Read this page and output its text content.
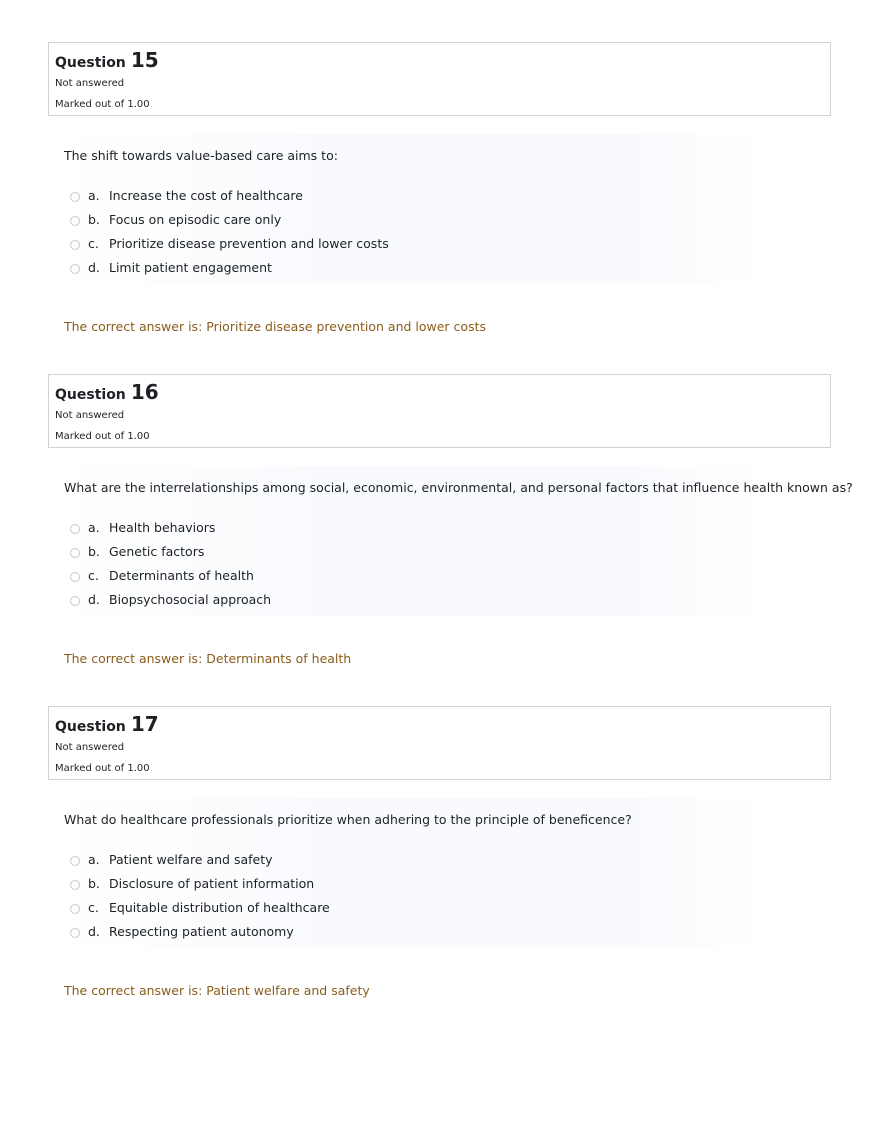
Question 15
Not answered
Marked out of 1.00
The shift towards value-based care aims to:
a. Increase the cost of healthcare
b. Focus on episodic care only
c. Prioritize disease prevention and lower costs
d. Limit patient engagement
The correct answer is: Prioritize disease prevention and lower costs
Question 16
Not answered
Marked out of 1.00
What are the interrelationships among social, economic, environmental, and personal factors that influence health known as?
a. Health behaviors
b. Genetic factors
c. Determinants of health
d. Biopsychosocial approach
The correct answer is: Determinants of health
Question 17
Not answered
Marked out of 1.00
What do healthcare professionals prioritize when adhering to the principle of beneficence?
a. Patient welfare and safety
b. Disclosure of patient information
c. Equitable distribution of healthcare
d. Respecting patient autonomy
The correct answer is: Patient welfare and safety
